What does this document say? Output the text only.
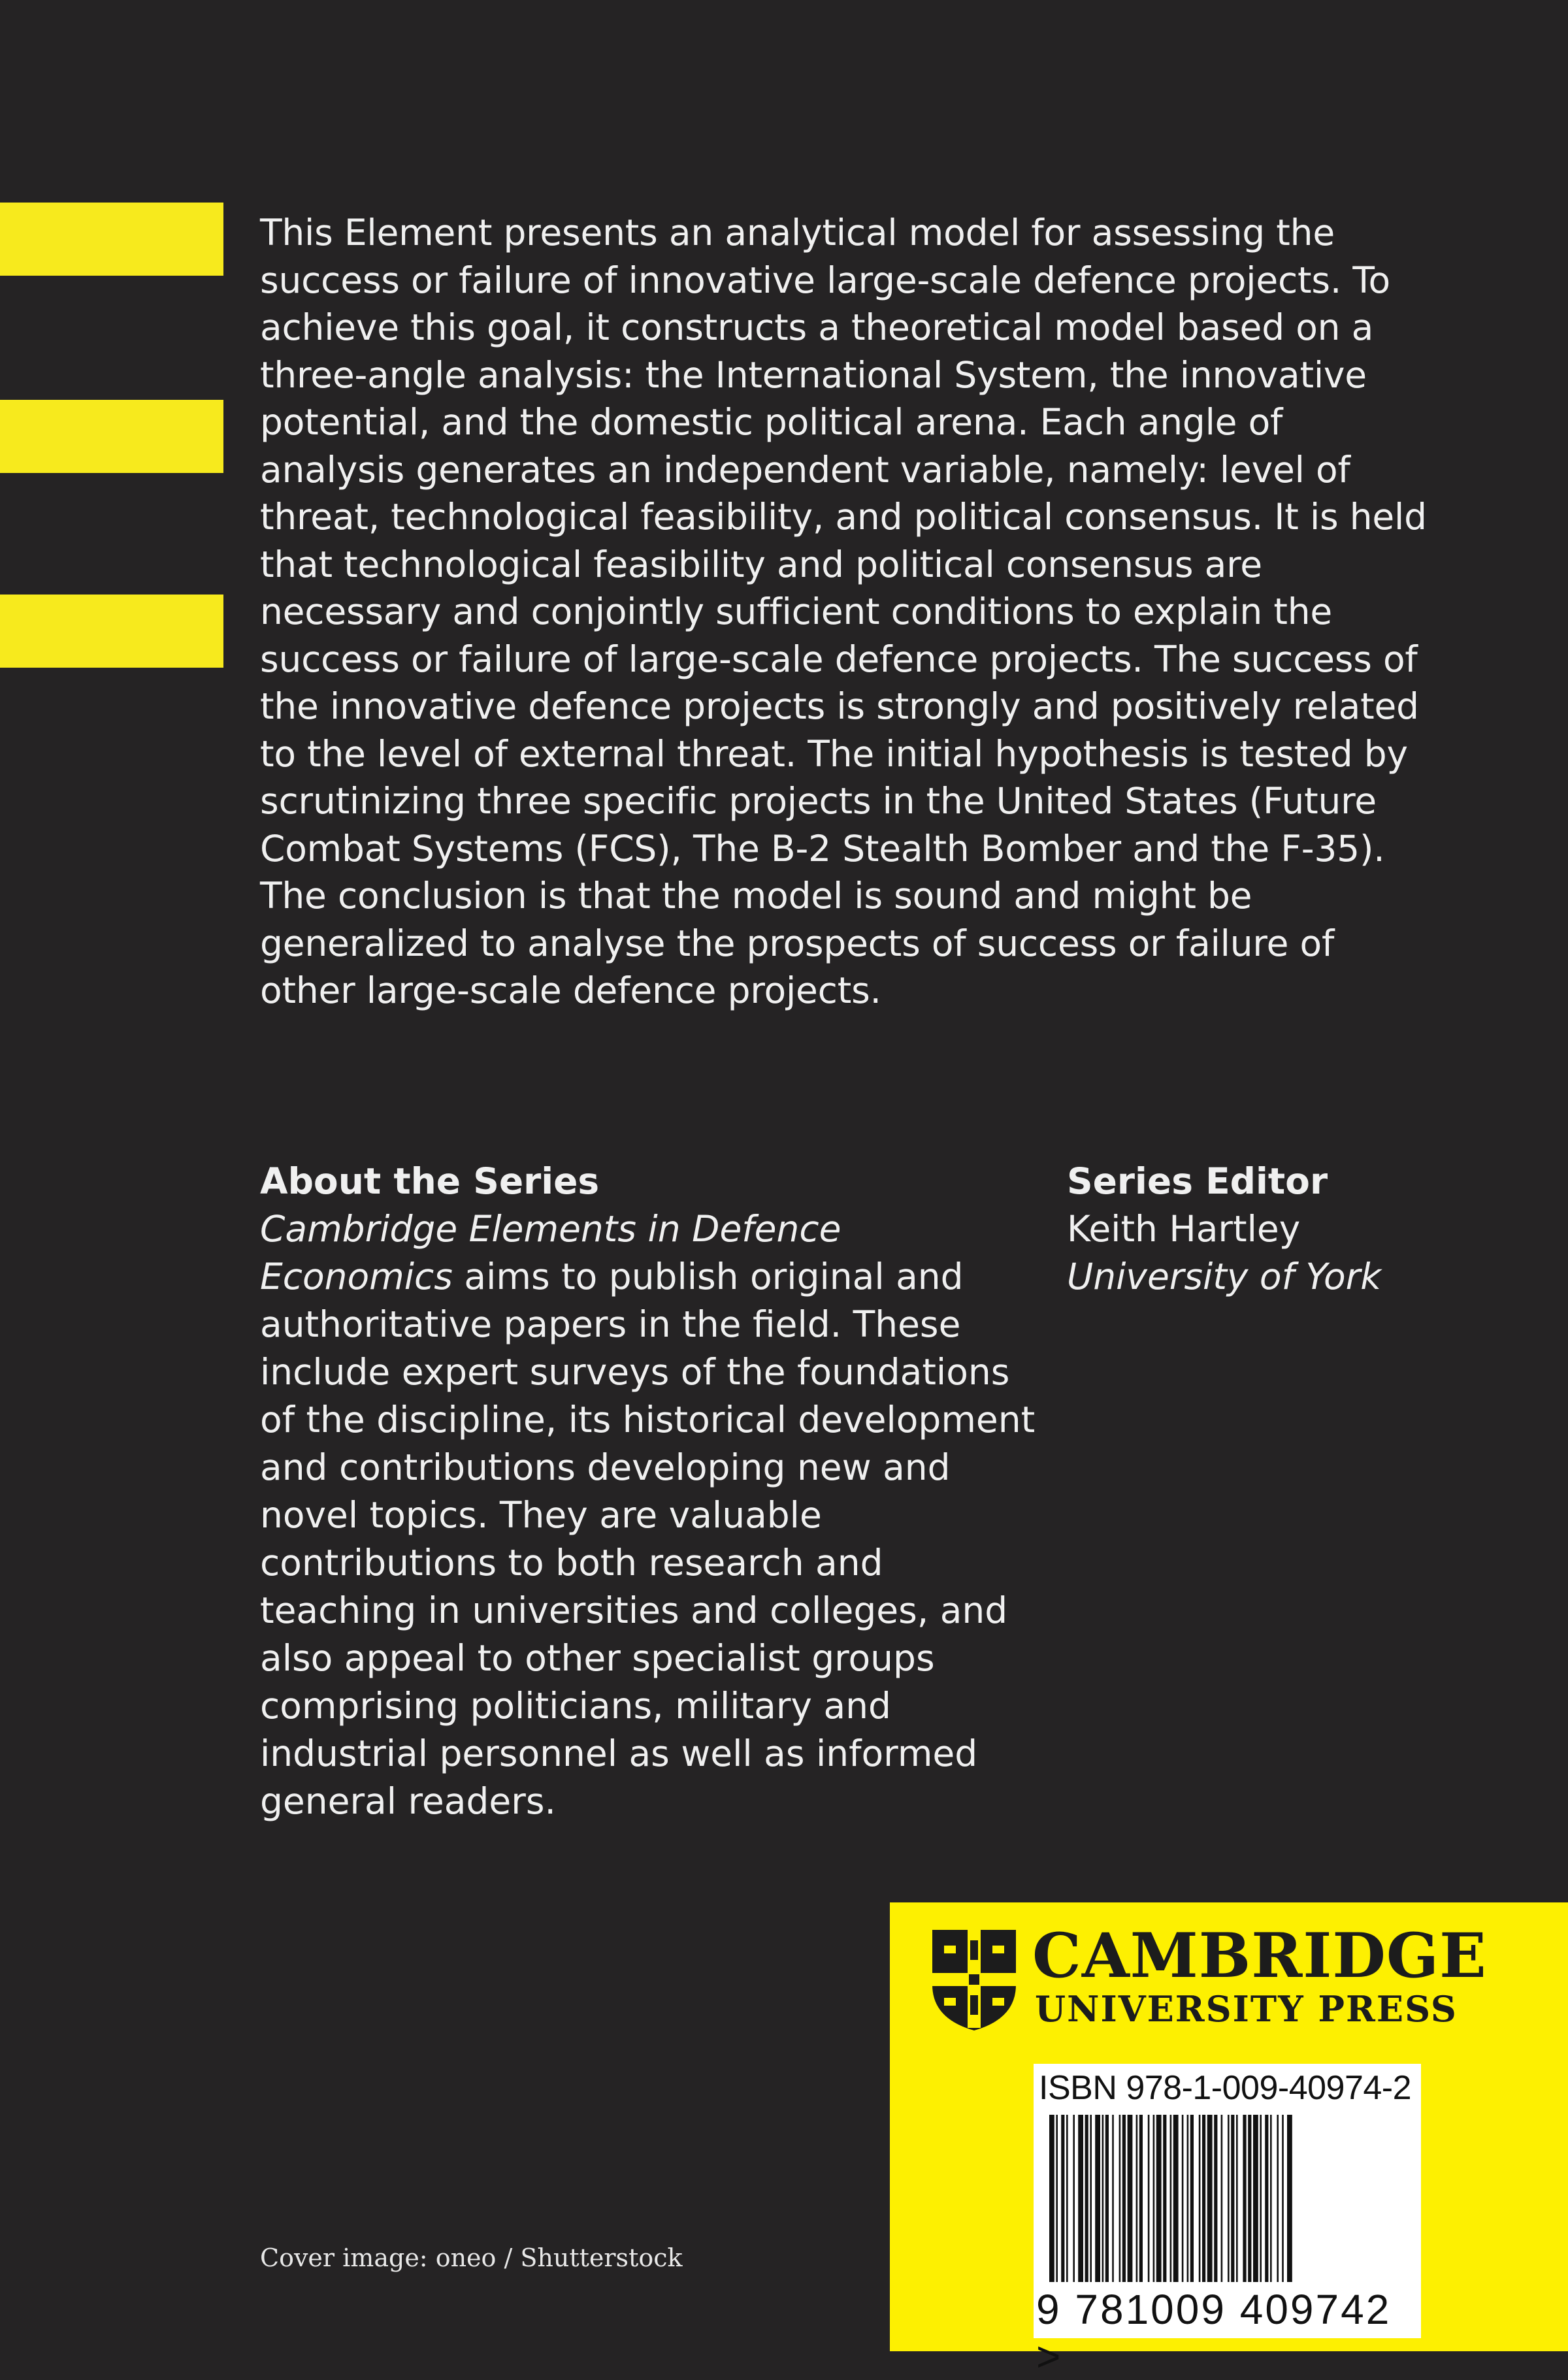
This Element presents an analytical model for assessing the success or failure of innovative large-scale defence projects. To achieve this goal, it constructs a theoretical model based on a three-angle analysis: the International System, the innovative potential, and the domestic political arena. Each angle of analysis generates an independent variable, namely: level of threat, technological feasibility, and political consensus. It is held that technological feasibility and political consensus are necessary and conjointly sufficient conditions to explain the success or failure of large-scale defence projects. The success of the innovative defence projects is strongly and positively related to the level of external threat. The initial hypothesis is tested by scrutinizing three specific projects in the United States (Future Combat Systems (FCS), The B-2 Stealth Bomber and the F-35). The conclusion is that the model is sound and might be generalized to analyse the prospects of success or failure of other large-scale defence projects.

About the Series
Cambridge Elements in Defence Economics aims to publish original and authoritative papers in the field. These include expert surveys of the foundations of the discipline, its historical development and contributions developing new and novel topics. They are valuable contributions to both research and teaching in universities and colleges, and also appeal to other specialist groups comprising politicians, military and industrial personnel as well as informed general readers.
Series Editor
Keith Hartley
University of York
Cover image: oneo / Shutterstock
CAMBRIDGE
UNIVERSITY PRESS
ISBN 978-1-009-40974-2
9 781009 409742 >
